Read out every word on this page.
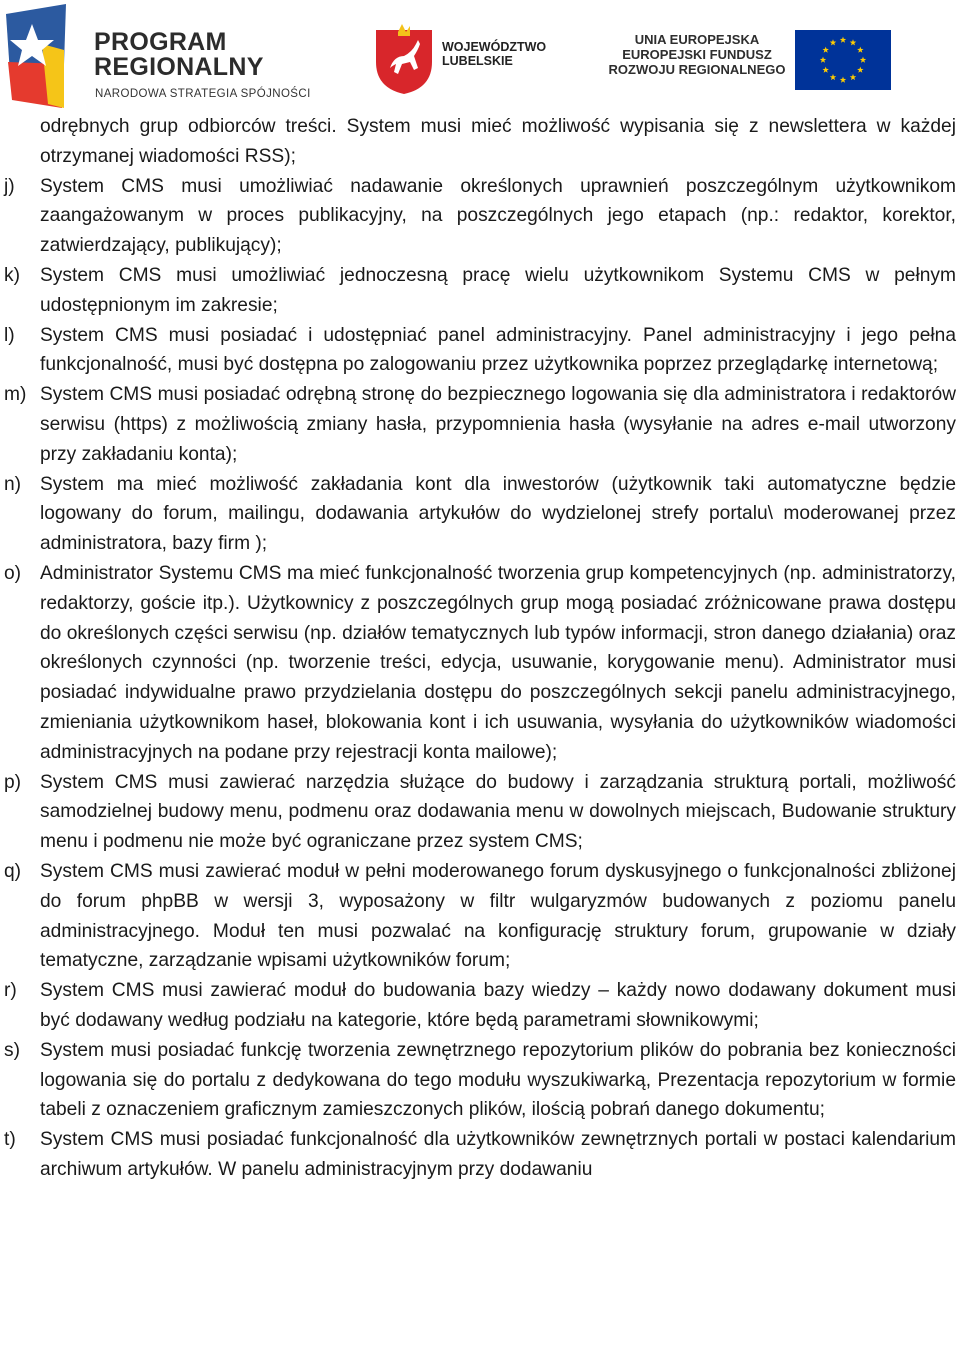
PROGRAM
REGIONALNY
NARODOWA STRATEGIA SPÓJNOŚCI
WOJEWÓDZTWO
LUBELSKIE
UNIA EUROPEJSKA
EUROPEJSKI FUNDUSZ
ROZWOJU REGIONALNEGO
odrębnych grup odbiorców treści. System musi mieć możliwość wypisania się z newslettera w każdej otrzymanej wiadomości RSS);
j) System CMS musi umożliwiać nadawanie określonych uprawnień poszczególnym użytkownikom zaangażowanym w proces publikacyjny, na poszczególnych jego etapach (np.: redaktor, korektor, zatwierdzający, publikujący);
k) System CMS musi umożliwiać jednoczesną pracę wielu użytkownikom Systemu CMS w pełnym udostępnionym im zakresie;
l) System CMS musi posiadać i udostępniać panel administracyjny. Panel administracyjny i jego pełna funkcjonalność, musi być dostępna po zalogowaniu przez użytkownika poprzez przeglądarkę internetową;
m) System CMS musi posiadać odrębną stronę do bezpiecznego logowania się dla administratora i redaktorów serwisu (https) z możliwością zmiany hasła, przypomnienia hasła (wysyłanie na adres e-mail utworzony przy zakładaniu konta);
n) System ma mieć możliwość zakładania kont dla inwestorów (użytkownik taki automatyczne będzie logowany do forum, mailingu, dodawania artykułów do wydzielonej strefy portalu\ moderowanej przez administratora, bazy firm );
o) Administrator Systemu CMS ma mieć funkcjonalność tworzenia grup kompetencyjnych (np. administratorzy, redaktorzy, goście itp.). Użytkownicy z poszczególnych grup mogą posiadać zróżnicowane prawa dostępu do określonych części serwisu (np. działów tematycznych lub typów informacji, stron danego działania) oraz określonych czynności (np. tworzenie treści, edycja, usuwanie, korygowanie menu). Administrator musi posiadać indywidualne prawo przydzielania dostępu do poszczególnych sekcji panelu administracyjnego, zmieniania użytkownikom haseł, blokowania kont i ich usuwania, wysyłania do użytkowników wiadomości administracyjnych na podane przy rejestracji konta mailowe);
p) System CMS musi zawierać narzędzia służące do budowy i zarządzania strukturą portali, możliwość samodzielnej budowy menu, podmenu oraz dodawania menu w dowolnych miejscach, Budowanie struktury menu i podmenu nie może być ograniczane przez system CMS;
q) System CMS musi zawierać moduł w pełni moderowanego forum dyskusyjnego o funkcjonalności zbliżonej do forum phpBB w wersji 3, wyposażony w filtr wulgaryzmów budowanych z poziomu panelu administracyjnego. Moduł ten musi pozwalać na konfigurację struktury forum, grupowanie w działy tematyczne, zarządzanie wpisami użytkowników forum;
r) System CMS musi zawierać moduł do budowania bazy wiedzy – każdy nowo dodawany dokument musi być dodawany według podziału na kategorie, które będą parametrami słownikowymi;
s) System musi posiadać funkcję tworzenia zewnętrznego repozytorium plików do pobrania bez konieczności logowania się do portalu z dedykowana do tego modułu wyszukiwarką, Prezentacja repozytorium w formie tabeli z oznaczeniem graficznym zamieszczonych plików, ilością pobrań danego dokumentu;
t) System CMS musi posiadać funkcjonalność dla użytkowników zewnętrznych portali w postaci kalendarium archiwum artykułów. W panelu administracyjnym przy dodawaniu
